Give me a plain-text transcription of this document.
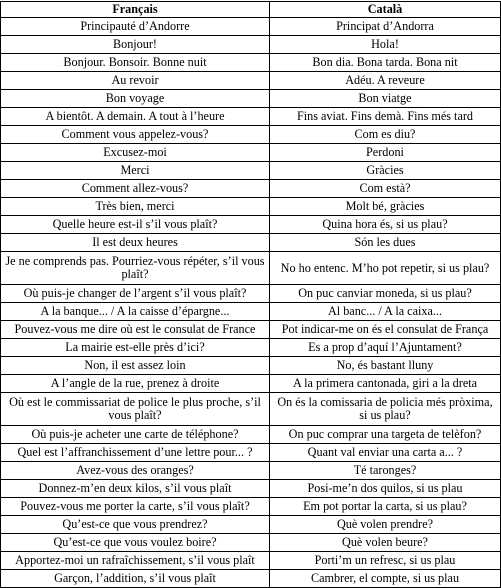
Français	Català
Principauté d’Andorre	Principat d’Andorra
Bonjour!	Hola!
Bonjour. Bonsoir. Bonne nuit	Bon dia. Bona tarda. Bona nit
Au revoir	Adéu. A reveure
Bon voyage	Bon viatge
A bientôt. A demain. A tout à l’heure	Fins aviat. Fins demà. Fins més tard
Comment vous appelez-vous?	Com es diu?
Excusez-moi	Perdoni
Merci	Gràcies
Comment allez-vous?	Com està?
Très bien, merci	Molt bé, gràcies
Quelle heure est-il s’il vous plaît?	Quina hora és, si us plau?
Il est deux heures	Són les dues
Je ne comprends pas. Pourriez-vous répéter, s’il vous plaît?	No ho entenc. M’ho pot repetir, si us plau?
Où puis-je changer de l’argent s’il vous plaît?	On puc canviar moneda, si us plau?
A la banque... / A la caisse d’épargne...	Al banc... / A la caixa...
Pouvez-vous me dire où est le consulat de France	Pot indicar-me on és el consulat de França
La mairie est-elle près d’ici?	Es a prop d’aquí l’Ajuntament?
Non, il est assez loin	No, és bastant lluny
A l’angle de la rue, prenez à droite	A la primera cantonada, giri a la dreta
Où est le commissariat de police le plus proche, s’il vous plaît?	On és la comissaria de policia més pròxima, si us plau?
Où puis-je acheter une carte de téléphone?	On puc comprar una targeta de telèfon?
Quel est l’affranchissement d’une lettre pour... ?	Quant val enviar una carta a... ?
Avez-vous des oranges?	Té taronges?
Donnez-m’en deux kilos, s’il vous plaît	Posi-me’n dos quilos, si us plau
Pouvez-vous me porter la carte, s’il vous plaît?	Em pot portar la carta, si us plau?
Qu’est-ce que vous prendrez?	Què volen prendre?
Qu’est-ce que vous voulez boire?	Què volen beure?
Apportez-moi un rafraîchissement, s’il vous plaît	Porti’m un refresc, si us plau
Garçon, l’addition, s’il vous plaît	Cambrer, el compte, si us plau
